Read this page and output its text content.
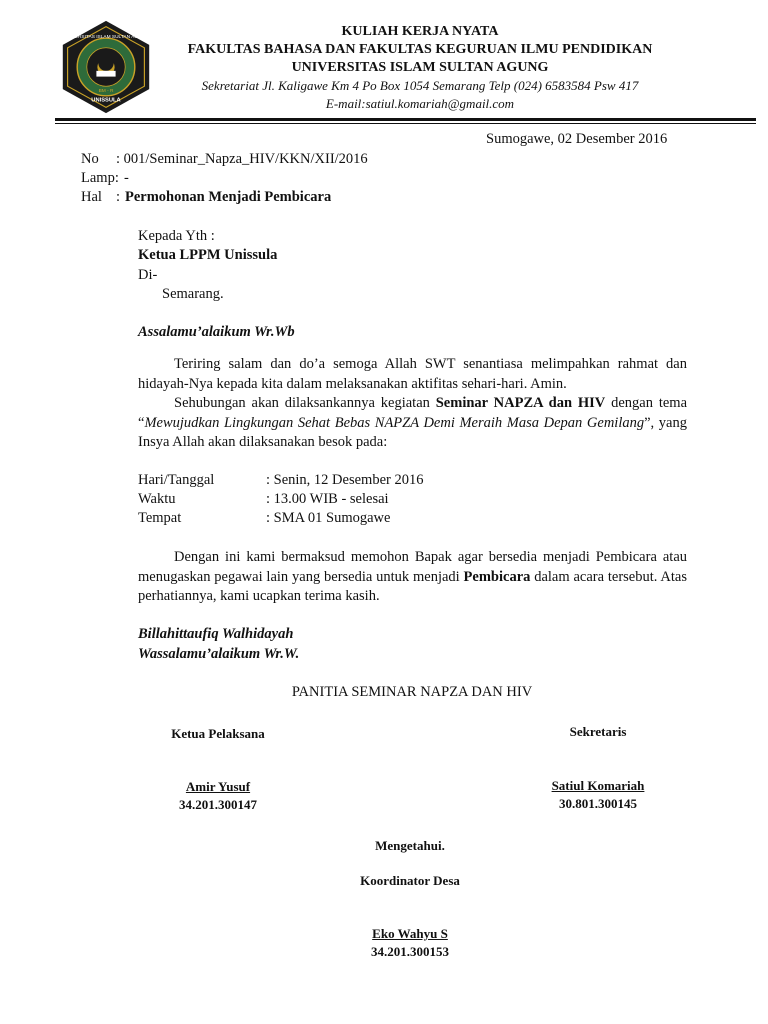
UNIVERSITAS ISLAM SULTAN AGUNG
BM - R
UNISSULA
KULIAH KERJA NYATA
FAKULTAS BAHASA DAN FAKULTAS KEGURUAN ILMU PENDIDIKAN
UNIVERSITAS ISLAM SULTAN AGUNG
Sekretariat Jl. Kaligawe Km 4 Po Box 1054 Semarang Telp (024) 6583584 Psw 417
E-mail:satiul.komariah@gmail.com
Sumogawe, 02 Desember 2016
No : 001/Seminar_Napza_HIV/KKN/XII/2016
Lamp: -
Hal : Permohonan Menjadi Pembicara
Kepada Yth :
Ketua LPPM Unissula
Di-
Semarang.
Assalamu’alaikum Wr.Wb
Teriring salam dan do’a semoga Allah SWT senantiasa melimpahkan rahmat dan hidayah-Nya kepada kita dalam melaksanakan aktifitas sehari-hari. Amin.
Sehubungan akan dilaksankannya kegiatan Seminar NAPZA dan HIV dengan tema “Mewujudkan Lingkungan Sehat Bebas NAPZA Demi Meraih Masa Depan Gemilang”, yang Insya Allah akan dilaksanakan besok pada:
Hari/Tanggal	: Senin, 12 Desember 2016
Waktu	: 13.00 WIB - selesai
Tempat	: SMA 01 Sumogawe
Dengan ini kami bermaksud memohon Bapak agar bersedia menjadi Pembicara atau menugaskan pegawai lain yang bersedia untuk menjadi Pembicara dalam acara tersebut. Atas perhatiannya, kami ucapkan terima kasih.
Billahittaufiq Walhidayah
Wassalamu’alaikum Wr.W.
PANITIA SEMINAR NAPZA DAN HIV
Ketua Pelaksana	Sekretaris
Amir Yusuf
34.201.300147
Satiul Komariah
30.801.300145
Mengetahui.
Koordinator Desa
Eko Wahyu S
34.201.300153
